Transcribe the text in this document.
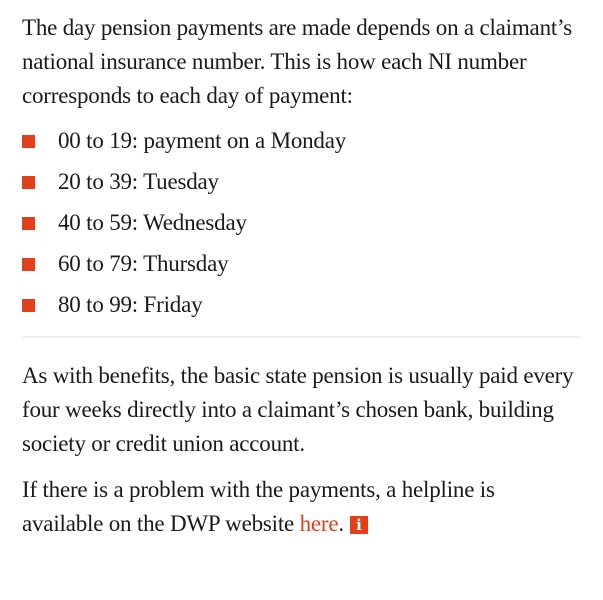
The day pension payments are made depends on a claimant’s national insurance number. This is how each NI number corresponds to each day of payment:

00 to 19: payment on a Monday
20 to 39: Tuesday
40 to 59: Wednesday
60 to 79: Thursday
80 to 99: Friday

As with benefits, the basic state pension is usually paid every four weeks directly into a claimant’s chosen bank, building society or credit union account.

If there is a problem with the payments, a helpline is available on the DWP website here. i
